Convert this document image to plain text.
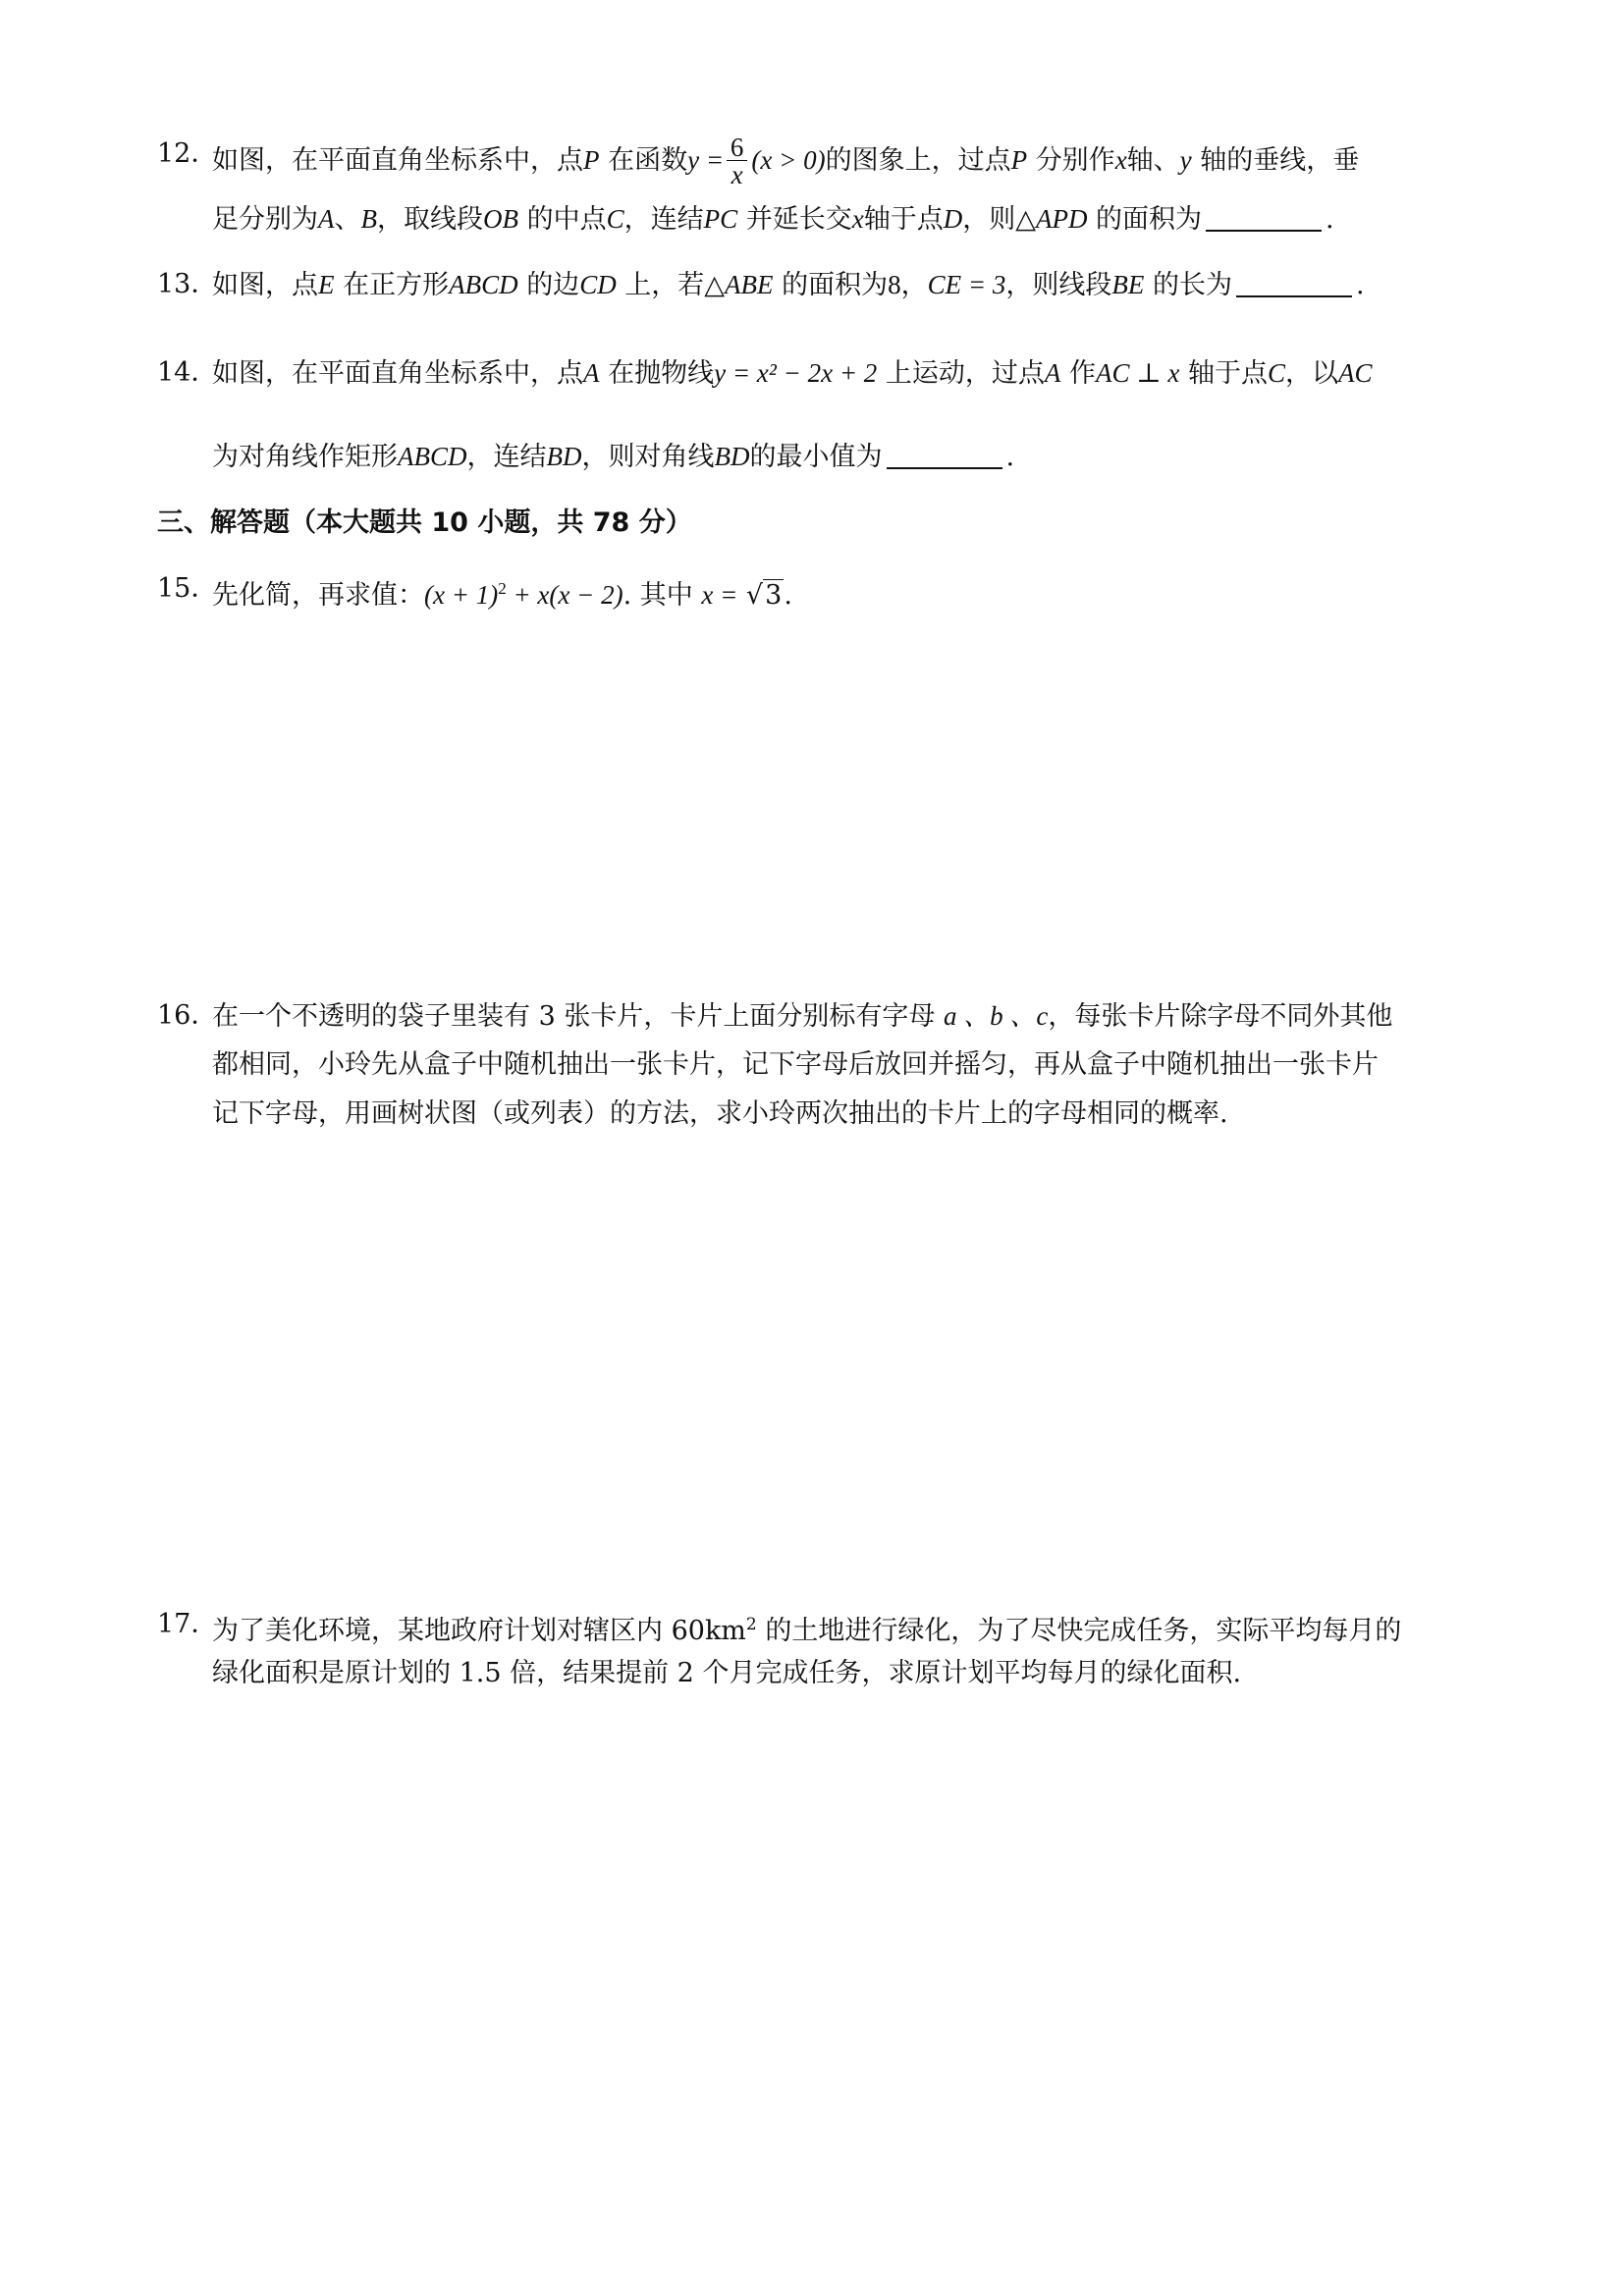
12．
如图，在平面直角坐标系中，点P 在函数$y = \frac{6}{x} (x > 0)$的图象上，过点P 分别作x轴、y 轴的垂线，垂
足分别为A、B，取线段OB 的中点C，连结PC 并延长交x轴于点D，则△APD 的面积为	.
13．
如图，点E 在正方形ABCD 的边CD 上，若△ABE 的面积为8，CE = 3，则线段BE 的长为	.
14．
如图，在平面直角坐标系中，点A 在抛物线y = x² − 2x + 2 上运动，过点A 作AC ⊥ x 轴于点C，以AC
为对角线作矩形ABCD，连结BD，则对角线BD的最小值为	.
三、解答题（本大题共 10 小题，共 78 分）
15．
先化简，再求值：$(x + 1)^2 + x(x - 2)$. 其中 x = √3.
16．
在一个不透明的袋子里装有 3 张卡片，卡片上面分别标有字母 a 、b 、c，每张卡片除字母不同外其他
都相同，小玲先从盒子中随机抽出一张卡片，记下字母后放回并摇匀，再从盒子中随机抽出一张卡片
记下字母，用画树状图（或列表）的方法，求小玲两次抽出的卡片上的字母相同的概率.
17．
为了美化环境，某地政府计划对辖区内 $60km^2$ 的土地进行绿化，为了尽快完成任务，实际平均每月的
绿化面积是原计划的 1.5 倍，结果提前 2 个月完成任务，求原计划平均每月的绿化面积.
